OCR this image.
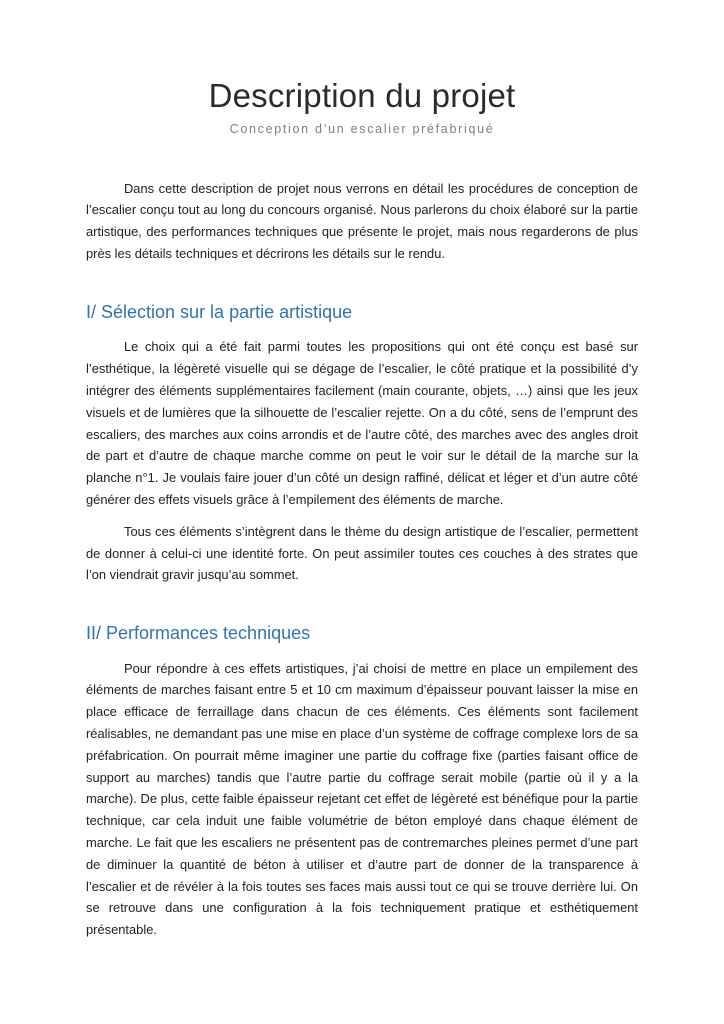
Description du projet

Conception d’un escalier préfabriqué

Dans cette description de projet nous verrons en détail les procédures de conception de l’escalier conçu tout au long du concours organisé. Nous parlerons du choix élaboré sur la partie artistique, des performances techniques que présente le projet, mais nous regarderons de plus près les détails techniques et décrirons les détails sur le rendu.

I/ Sélection sur la partie artistique

Le choix qui a été fait parmi toutes les propositions qui ont été conçu est basé sur l’esthétique, la légèreté visuelle qui se dégage de l’escalier, le côté pratique et la possibilité d’y intégrer des éléments supplémentaires facilement (main courante, objets, …) ainsi que les jeux visuels et de lumières que la silhouette de l’escalier rejette. On a du côté, sens de l’emprunt des escaliers, des marches aux coins arrondis et de l’autre côté, des marches avec des angles droit de part et d’autre de chaque marche comme on peut le voir sur le détail de la marche sur la planche n°1. Je voulais faire jouer d’un côté un design raffiné, délicat et léger et d’un autre côté générer des effets visuels grâce à l’empilement des éléments de marche.

Tous ces éléments s’intègrent dans le thème du design artistique de l’escalier, permettent de donner à celui-ci une identité forte. On peut assimiler toutes ces couches à des strates que l’on viendrait gravir jusqu’au sommet.

II/ Performances techniques

Pour répondre à ces effets artistiques, j’ai choisi de mettre en place un empilement des éléments de marches faisant entre 5 et 10 cm maximum d’épaisseur pouvant laisser la mise en place efficace de ferraillage dans chacun de ces éléments. Ces éléments sont facilement réalisables, ne demandant pas une mise en place d’un système de coffrage complexe lors de sa préfabrication. On pourrait même imaginer une partie du coffrage fixe (parties faisant office de support au marches) tandis que l’autre partie du coffrage serait mobile (partie où il y a la marche). De plus, cette faible épaisseur rejetant cet effet de légèreté est bénéfique pour la partie technique, car cela induit une faible volumétrie de béton employé dans chaque élément de marche. Le fait que les escaliers ne présentent pas de contremarches pleines permet d’une part de diminuer la quantité de béton à utiliser et d’autre part de donner de la transparence à l’escalier et de révéler à la fois toutes ses faces mais aussi tout ce qui se trouve derrière lui. On se retrouve dans une configuration à la fois techniquement pratique et esthétiquement présentable.
